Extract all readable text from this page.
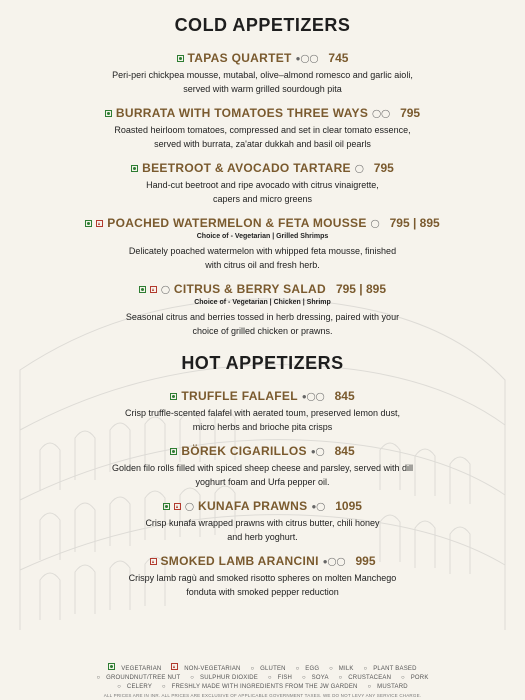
COLD APPETIZERS
TAPAS QUARTET ●◯◯ 745
Peri-peri chickpea mousse, mutabal, olive–almond romesco and garlic aioli,
served with warm grilled sourdough pita
BURRATA WITH TOMATOES THREE WAYS ◯◯ 795
Roasted heirloom tomatoes, compressed and set in clear tomato essence,
served with burrata, za'atar dukkah and basil oil pearls
BEETROOT & AVOCADO TARTARE ◯ 795
Hand-cut beetroot and ripe avocado with citrus vinaigrette,
capers and micro greens
POACHED WATERMELON & FETA MOUSSE ◯ 795 | 895
Choice of - Vegetarian | Grilled Shrimps
Delicately poached watermelon with whipped feta mousse, finished
with citrus oil and fresh herb.
◯ CITRUS & BERRY SALAD 795 | 895
Choice of - Vegetarian | Chicken | Shrimp
Seasonal citrus and berries tossed in herb dressing, paired with your
choice of grilled chicken or prawns.
HOT APPETIZERS
TRUFFLE FALAFEL ●◯◯ 845
Crisp truffle-scented falafel with aerated toum, preserved lemon dust,
micro herbs and brioche pita crisps
BÖREK CIGARILLOS ●◯ 845
Golden filo rolls filled with spiced sheep cheese and parsley, served with dill
yoghurt foam and Urfa pepper oil.
◯ KUNAFA PRAWNS ●◯ 1095
Crisp kunafa wrapped prawns with citrus butter, chili honey
and herb yoghurt.
SMOKED LAMB ARANCINI ●◯◯ 995
Crispy lamb ragù and smoked risotto spheres on molten Manchego
fonduta with smoked pepper reduction
VEGETARIAN	NON-VEGETARIAN ○ GLUTEN ○ EGG ○ MILK ○ PLANT BASED
○ GROUNDNUT/TREE NUT ○ SULPHUR DIOXIDE ○ FISH ○ SOYA ○ CRUSTACEAN ○ PORK
○ CELERY ○ FRESHLY MADE WITH INGREDIENTS FROM THE JW GARDEN ○ MUSTARD
ALL PRICES ARE IN INR. ALL PRICES ARE EXCLUSIVE OF APPLICABLE GOVERNMENT TAXES. WE DO NOT LEVY ANY SERVICE CHARGE.
